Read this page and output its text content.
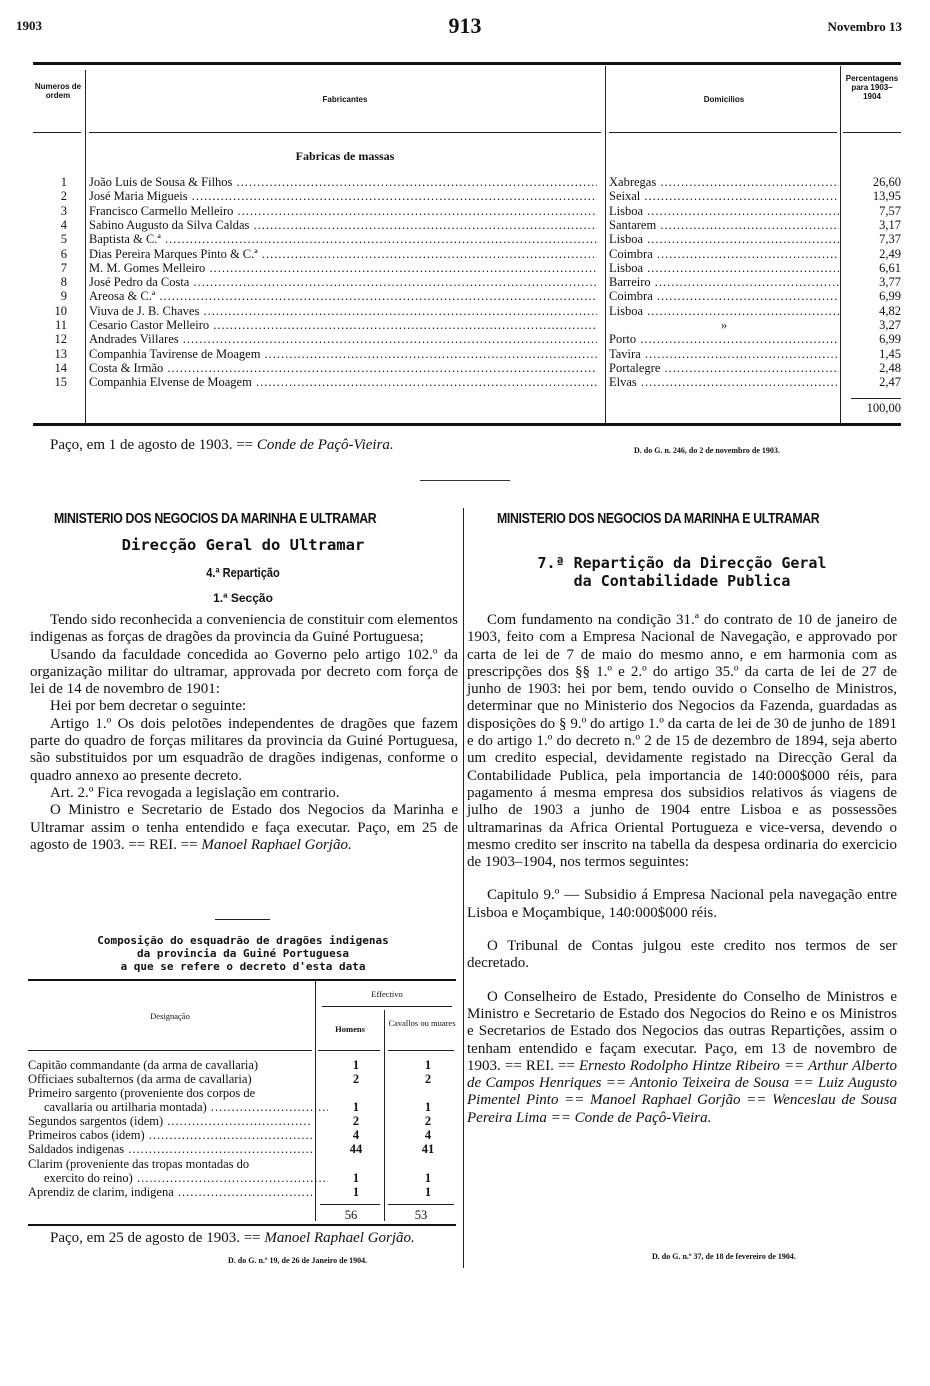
1903	913	Novembro 13
Numeros de ordem	Fabricantes	Domicilios
Percentagens para 1903–1904
Fabricas de massas
1 João Luis de Sousa & Filhos .....	Xabregas .....	26,60
2 José Maria Migueis .....	Seixal .....	13,95
3 Francisco Carmello Melleiro .....	Lisboa .....	7,57
4 Sabino Augusto da Silva Caldas .....	Santarem .....	3,17
5 Baptista & C.ª .....	Lisboa .....	7,37
6 Dias Pereira Marques Pinto & C.ª .....	Coimbra .....	2,49
7 M. M. Gomes Melleiro .....	Lisboa .....	6,61
8 José Pedro da Costa .....	Barreiro .....	3,77
9 Areosa & C.ª .....	Coimbra .....	6,99
10 Viuva de J. B. Chaves .....	Lisboa .....	4,82
11 Cesario Castor Melleiro .....	»	3,27
12 Andrades Villares .....	Porto .....	6,99
13 Companhia Tavirense de Moagem .....	Tavira .....	1,45
14 Costa & Irmão .....	Portalegre .....	2,48
15 Companhia Elvense de Moagem .....	Elvas .....	2,47
100,00
Paço, em 1 de agosto de 1903. == Conde de Paçô-Vieira.	D. do G. n. 246, do 2 de novembro de 1903.
MINISTERIO DOS NEGOCIOS DA MARINHA E ULTRAMAR
Direcção Geral do Ultramar
4.ª Repartição
1.ª Secção

Tendo sido reconhecida a conveniencia de constituir com elementos indigenas as forças de dragões da provincia da Guiné Portuguesa;

Usando da faculdade concedida ao Governo pelo artigo 102.º da organização militar do ultramar, approvada por decreto com força de lei de 14 de novembro de 1901:

Hei por bem decretar o seguinte:

Artigo 1.º Os dois pelotões independentes de dragões que fazem parte do quadro de forças militares da provincia da Guiné Portuguesa, são substituidos por um esquadrão de dragões indigenas, conforme o quadro annexo ao presente decreto.

Art. 2.º Fica revogada a legislação em contrario.

O Ministro e Secretario de Estado dos Negocios da Marinha e Ultramar assim o tenha entendido e faça executar. Paço, em 25 de agosto de 1903. == REI. == Manoel Raphael Gorjão.

Composição do esquadrão de dragões indigenas
da provincia da Guiné Portuguesa
a que se refere o decreto d'esta data
Effectivo
Designação
Homens
Cavallos ou muares
Capitão commandante (da arma de cavallaria)	1	1
Officiaes subalternos (da arma de cavallaria)	2	2
Primeiro sargento (proveniente dos corpos de
cavallaria ou artilharia montada) .....	1	1
Segundos sargentos (idem) .....	2	2
Primeiros cabos (idem) .....	4	4
Saldados indigenas .....	44	41
Clarim (proveniente das tropas montadas do
exercito do reino) .....	1	1
Aprendiz de clarim, indigena .....	1	1
56	53

Paço, em 25 de agosto de 1903. == Manoel Raphael Gorjão.

D. do G. n.º 19, de 26 de Janeiro de 1904.
MINISTERIO DOS NEGOCIOS DA MARINHA E ULTRAMAR
7.ª Repartição da Direcção Geral
da Contabilidade Publica

Com fundamento na condição 31.ª do contrato de 10 de janeiro de 1903, feito com a Empresa Nacional de Navegação, e approvado por carta de lei de 7 de maio do mesmo anno, e em harmonia com as prescripções dos §§ 1.º e 2.º do artigo 35.º da carta de lei de 27 de junho de 1903: hei por bem, tendo ouvido o Conselho de Ministros, determinar que no Ministerio dos Negocios da Fazenda, guardadas as disposições do § 9.º do artigo 1.º da carta de lei de 30 de junho de 1891 e do artigo 1.º do decreto n.º 2 de 15 de dezembro de 1894, seja aberto um credito especial, devidamente registado na Direcção Geral da Contabilidade Publica, pela importancia de 140:000$000 réis, para pagamento á mesma empresa dos subsidios relativos ás viagens de julho de 1903 a junho de 1904 entre Lisboa e as possessões ultramarinas da Africa Oriental Portugueza e vice-versa, devendo o mesmo credito ser inscrito na tabella da despesa ordinaria do exercicio de 1903–1904, nos termos seguintes:

Capitulo 9.º — Subsidio á Empresa Nacional pela navegação entre Lisboa e Moçambique, 140:000$000 réis.

O Tribunal de Contas julgou este credito nos termos de ser decretado.

O Conselheiro de Estado, Presidente do Conselho de Ministros e Ministro e Secretario de Estado dos Negocios do Reino e os Ministros e Secretarios de Estado dos Negocios das outras Repartições, assim o tenham entendido e façam executar. Paço, em 13 de novembro de 1903. == REI. == Ernesto Rodolpho Hintze Ribeiro == Arthur Alberto de Campos Henriques == Antonio Teixeira de Sousa == Luiz Augusto Pimentel Pinto == Manoel Raphael Gorjão == Wenceslau de Sousa Pereira Lima == Conde de Paçô-Vieira.

D. do G. n.º 37, de 18 de fevereiro de 1904.
